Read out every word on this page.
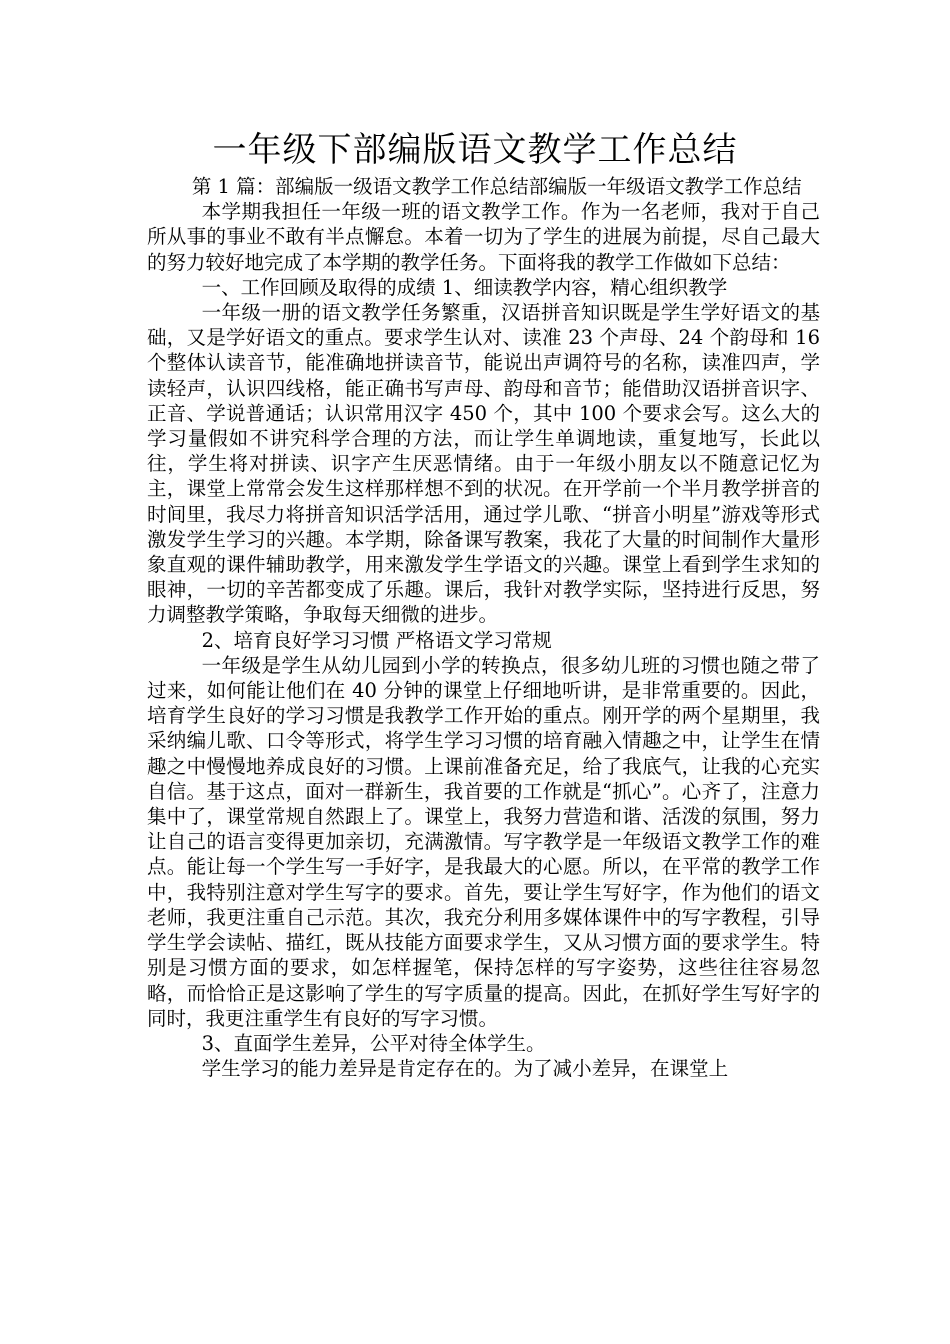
一年级下部编版语文教学工作总结

第 1 篇：部编版一级语文教学工作总结部编版一年级语文教学工作总结

本学期我担任一年级一班的语文教学工作。作为一名老师，我对于自己所从事的事业不敢有半点懈怠。本着一切为了学生的进展为前提，尽自己最大的努力较好地完成了本学期的教学任务。下面将我的教学工作做如下总结：

一、工作回顾及取得的成绩 1、细读教学内容，精心组织教学

一年级一册的语文教学任务繁重，汉语拼音知识既是学生学好语文的基础，又是学好语文的重点。要求学生认对、读准 23 个声母、24 个韵母和 16 个整体认读音节，能准确地拼读音节，能说出声调符号的名称，读准四声，学读轻声，认识四线格，能正确书写声母、韵母和音节；能借助汉语拼音识字、正音、学说普通话；认识常用汉字 450 个，其中 100 个要求会写。这么大的学习量假如不讲究科学合理的方法，而让学生单调地读，重复地写，长此以往，学生将对拼读、识字产生厌恶情绪。由于一年级小朋友以不随意记忆为主，课堂上常常会发生这样那样想不到的状况。在开学前一个半月教学拼音的时间里，我尽力将拼音知识活学活用，通过学儿歌、“拼音小明星”游戏等形式激发学生学习的兴趣。本学期，除备课写教案，我花了大量的时间制作大量形象直观的课件辅助教学，用来激发学生学语文的兴趣。课堂上看到学生求知的眼神，一切的辛苦都变成了乐趣。课后，我针对教学实际，坚持进行反思，努力调整教学策略，争取每天细微的进步。

2、培育良好学习习惯 严格语文学习常规

一年级是学生从幼儿园到小学的转换点，很多幼儿班的习惯也随之带了过来，如何能让他们在 40 分钟的课堂上仔细地听讲，是非常重要的。因此，培育学生良好的学习习惯是我教学工作开始的重点。刚开学的两个星期里，我采纳编儿歌、口令等形式，将学生学习习惯的培育融入情趣之中，让学生在情趣之中慢慢地养成良好的习惯。上课前准备充足，给了我底气，让我的心充实自信。基于这点，面对一群新生，我首要的工作就是“抓心”。心齐了，注意力集中了，课堂常规自然跟上了。课堂上，我努力营造和谐、活泼的氛围，努力让自己的语言变得更加亲切，充满激情。写字教学是一年级语文教学工作的难点。能让每一个学生写一手好字，是我最大的心愿。所以，在平常的教学工作中，我特别注意对学生写字的要求。首先，要让学生写好字，作为他们的语文老师，我更注重自己示范。其次，我充分利用多媒体课件中的写字教程，引导学生学会读帖、描红，既从技能方面要求学生，又从习惯方面的要求学生。特别是习惯方面的要求，如怎样握笔，保持怎样的写字姿势，这些往往容易忽略，而恰恰正是这影响了学生的写字质量的提高。因此，在抓好学生写好字的同时，我更注重学生有良好的写字习惯。

3、直面学生差异，公平对待全体学生。

学生学习的能力差异是肯定存在的。为了减小差异，在课堂上
